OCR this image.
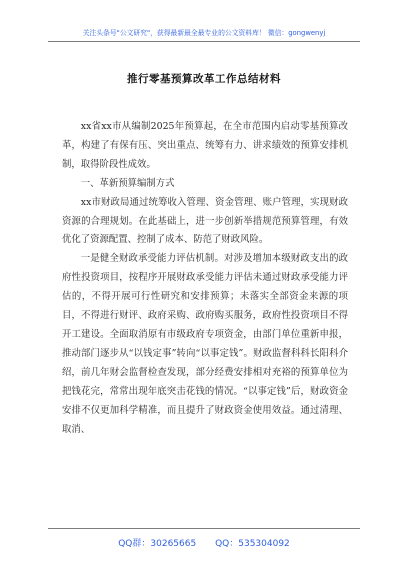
关注头条号"公文研究"，获得最新最全最专业的公文资料库！ 微信：gongwenyj
推行零基预算改革工作总结材料

xx省xx市从编制2025年预算起，在全市范围内启动零基预算改革，构建了有保有压、突出重点、统筹有力、讲求绩效的预算安排机制，取得阶段性成效。

一、革新预算编制方式

xx市财政局通过统筹收入管理、资金管理、账户管理，实现财政资源的合理规划。在此基础上，进一步创新举措规范预算管理，有效优化了资源配置、控制了成本、防范了财政风险。

一是健全财政承受能力评估机制。对涉及增加本级财政支出的政府性投资项目，按程序开展财政承受能力评估未通过财政承受能力评估的，不得开展可行性研究和安排预算；未落实全部资金来源的项目，不得进行财评、政府采购、政府购买服务，政府性投资项目不得开工建设。全面取消原有市级政府专项资金，由部门单位重新申报，推动部门逐步从“以钱定事”转向“以事定钱”。财政监督科科长阳科介绍，前几年财会监督检查发现，部分经费安排相对充裕的预算单位为把钱花完，常常出现年底突击花钱的情况。“以事定钱”后，财政资金安排不仅更加科学精准，而且提升了财政资金使用效益。通过清理、取消、

QQ群：30265665 QQ：535304092
